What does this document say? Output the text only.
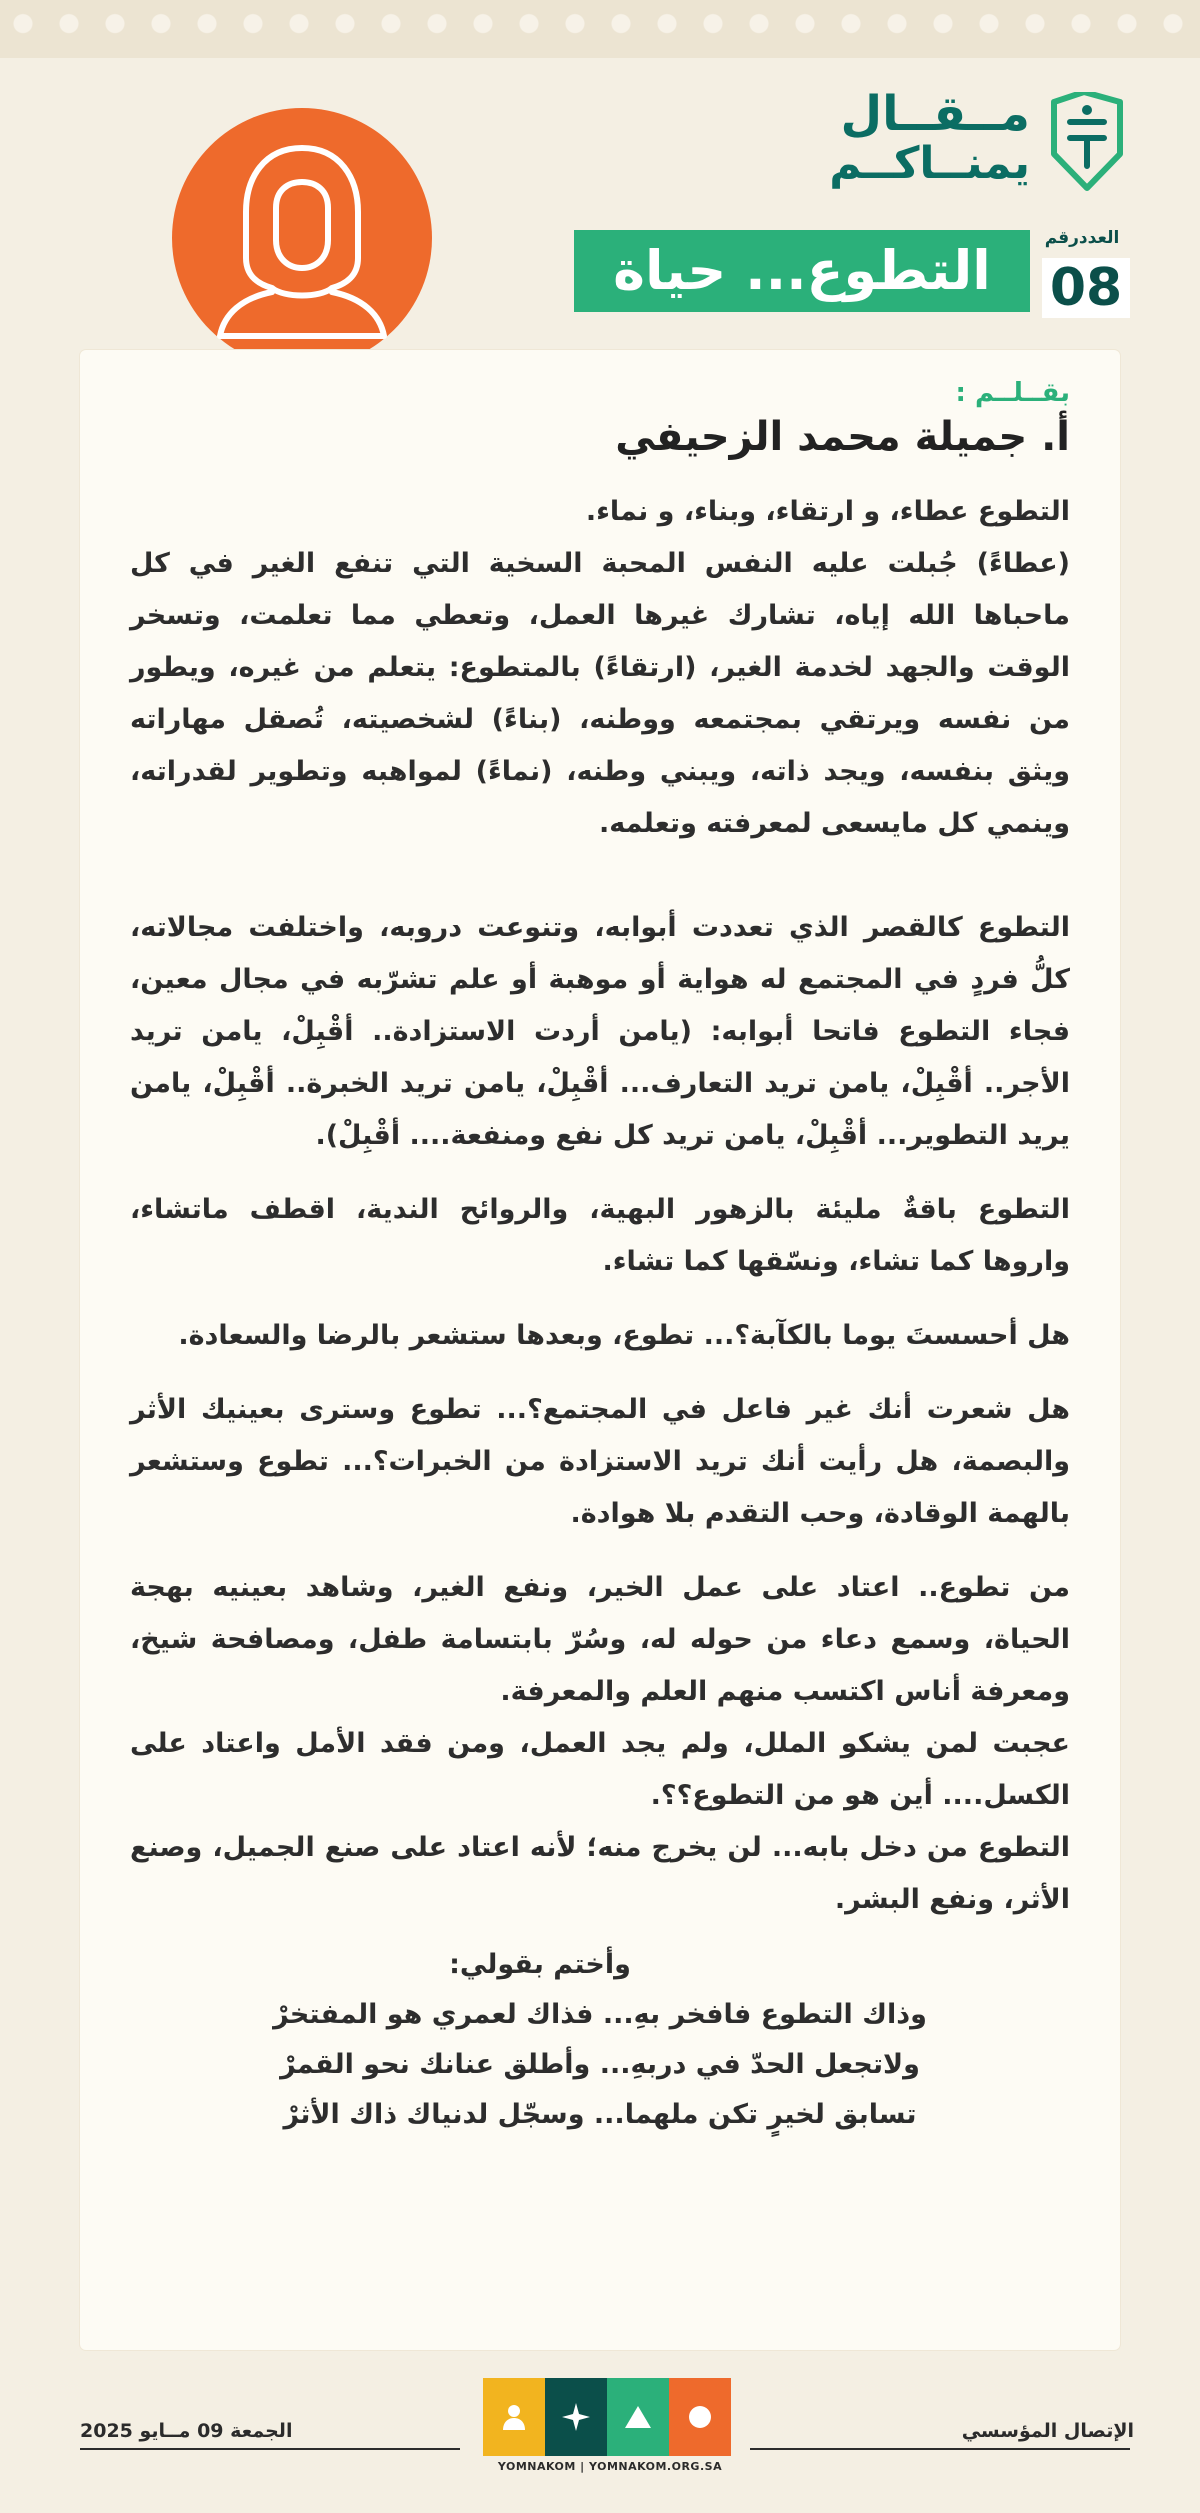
مــقــال
يمنــاكــم
العددرقم
08
التطوع... حياة
بقــلــم :
أ. جميلة محمد الزحيفي

التطوع عطاء، و ارتقاء، وبناء، و نماء.

(عطاءً) جُبلت عليه النفس المحبة السخية التي تنفع الغير في كل ماحباها الله إياه، تشارك غيرها العمل، وتعطي مما تعلمت، وتسخر الوقت والجهد لخدمة الغير، (ارتقاءً) بالمتطوع: يتعلم من غيره، ويطور من نفسه ويرتقي بمجتمعه ووطنه، (بناءً) لشخصيته، تُصقل مهاراته ويثق بنفسه، ويجد ذاته، ويبني وطنه، (نماءً) لمواهبه وتطوير لقدراته، وينمي كل مايسعى لمعرفته وتعلمه.

التطوع كالقصر الذي تعددت أبوابه، وتنوعت دروبه، واختلفت مجالاته، كلُّ فردٍ في المجتمع له هواية أو موهبة أو علم تشرّبه في مجال معين، فجاء التطوع فاتحا أبوابه: (يامن أردت الاستزادة.. أقْبِلْ، يامن تريد الأجر.. أقْبِلْ، يامن تريد التعارف... أقْبِلْ، يامن تريد الخبرة.. أقْبِلْ، يامن يريد التطوير... أقْبِلْ، يامن تريد كل نفع ومنفعة.... أقْبِلْ).

التطوع باقةٌ مليئة بالزهور البهية، والروائح الندية، اقطف ماتشاء، واروها كما تشاء، ونسّقها كما تشاء.

هل أحسستَ يوما بالكآبة؟... تطوع، وبعدها ستشعر بالرضا والسعادة.

هل شعرت أنك غير فاعل في المجتمع؟... تطوع وسترى بعينيك الأثر والبصمة، هل رأيت أنك تريد الاستزادة من الخبرات؟... تطوع وستشعر بالهمة الوقادة، وحب التقدم بلا هوادة.

من تطوع.. اعتاد على عمل الخير، ونفع الغير، وشاهد بعينيه بهجة الحياة، وسمع دعاء من حوله له، وسُرّ بابتسامة طفل، ومصافحة شيخ، ومعرفة أناس اكتسب منهم العلم والمعرفة.

عجبت لمن يشكو الملل، ولم يجد العمل، ومن فقد الأمل واعتاد على الكسل.... أين هو من التطوع؟؟.

التطوع من دخل بابه... لن يخرج منه؛ لأنه اعتاد على صنع الجميل، وصنع الأثر، ونفع البشر.

وأختم بقولي:
وذاك التطوع فافخر بهِ... فذاك لعمري هو المفتخرْ
ولاتجعل الحدّ في دربهِ... وأطلق عنانك نحو القمرْ
تسابق لخيرٍ تكن ملهما... وسجّل لدنياك ذاك الأثرْ
الجمعة 09 مــايو 2025	الإتصال المؤسسي
YOMNAKOM | YOMNAKOM.ORG.SA
